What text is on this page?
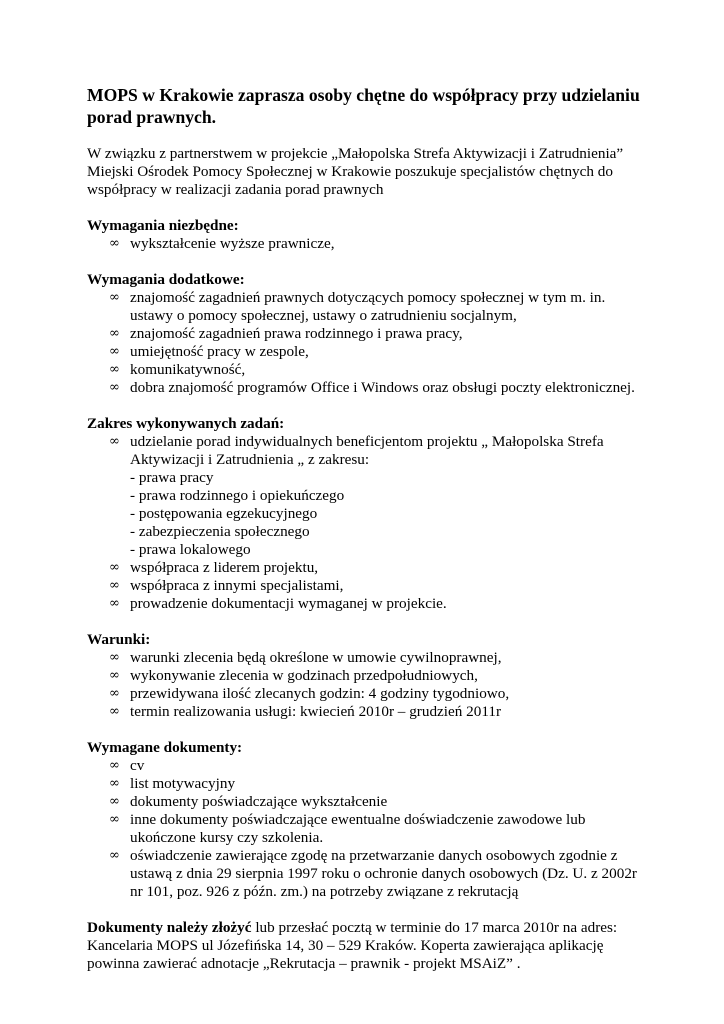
MOPS w Krakowie zaprasza osoby chętne do współpracy przy udzielaniu porad prawnych.

W związku z partnerstwem w projekcie „Małopolska Strefa Aktywizacji i Zatrudnienia” Miejski Ośrodek Pomocy Społecznej w Krakowie poszukuje specjalistów chętnych do współpracy w realizacji zadania porad prawnych

Wymagania niezbędne:

∞ wykształcenie wyższe prawnicze,

Wymagania dodatkowe:

∞ znajomość zagadnień prawnych dotyczących pomocy społecznej w tym m. in. ustawy o pomocy społecznej, ustawy o zatrudnieniu socjalnym,
∞ znajomość zagadnień prawa rodzinnego i prawa pracy,
∞ umiejętność pracy w zespole,
∞ komunikatywność,
∞ dobra znajomość programów Office i Windows oraz obsługi poczty elektronicznej.

Zakres wykonywanych zadań:

∞ udzielanie porad indywidualnych beneficjentom projektu „ Małopolska Strefa Aktywizacji i Zatrudnienia „ z zakresu:
- prawa pracy
- prawa rodzinnego i opiekuńczego
- postępowania egzekucyjnego
- zabezpieczenia społecznego
- prawa lokalowego
∞ współpraca z liderem projektu,
∞ współpraca z innymi specjalistami,
∞ prowadzenie dokumentacji wymaganej w projekcie.

Warunki:

∞ warunki zlecenia będą określone w umowie cywilnoprawnej,
∞ wykonywanie zlecenia w godzinach przedpołudniowych,
∞ przewidywana ilość zlecanych godzin: 4 godziny tygodniowo,
∞ termin realizowania usługi: kwiecień 2010r – grudzień 2011r

Wymagane dokumenty:

∞ cv
∞ list motywacyjny
∞ dokumenty poświadczające wykształcenie
∞ inne dokumenty poświadczające ewentualne doświadczenie zawodowe lub ukończone kursy czy szkolenia.
∞ oświadczenie zawierające zgodę na przetwarzanie danych osobowych zgodnie z ustawą z dnia 29 sierpnia 1997 roku o ochronie danych osobowych (Dz. U. z 2002r nr 101, poz. 926 z późn. zm.) na potrzeby związane z rekrutacją

Dokumenty należy złożyć lub przesłać pocztą w terminie do 17 marca 2010r na adres: Kancelaria MOPS ul Józefińska 14, 30 – 529 Kraków. Koperta zawierająca aplikację powinna zawierać adnotacje „Rekrutacja – prawnik - projekt MSAiZ” .
